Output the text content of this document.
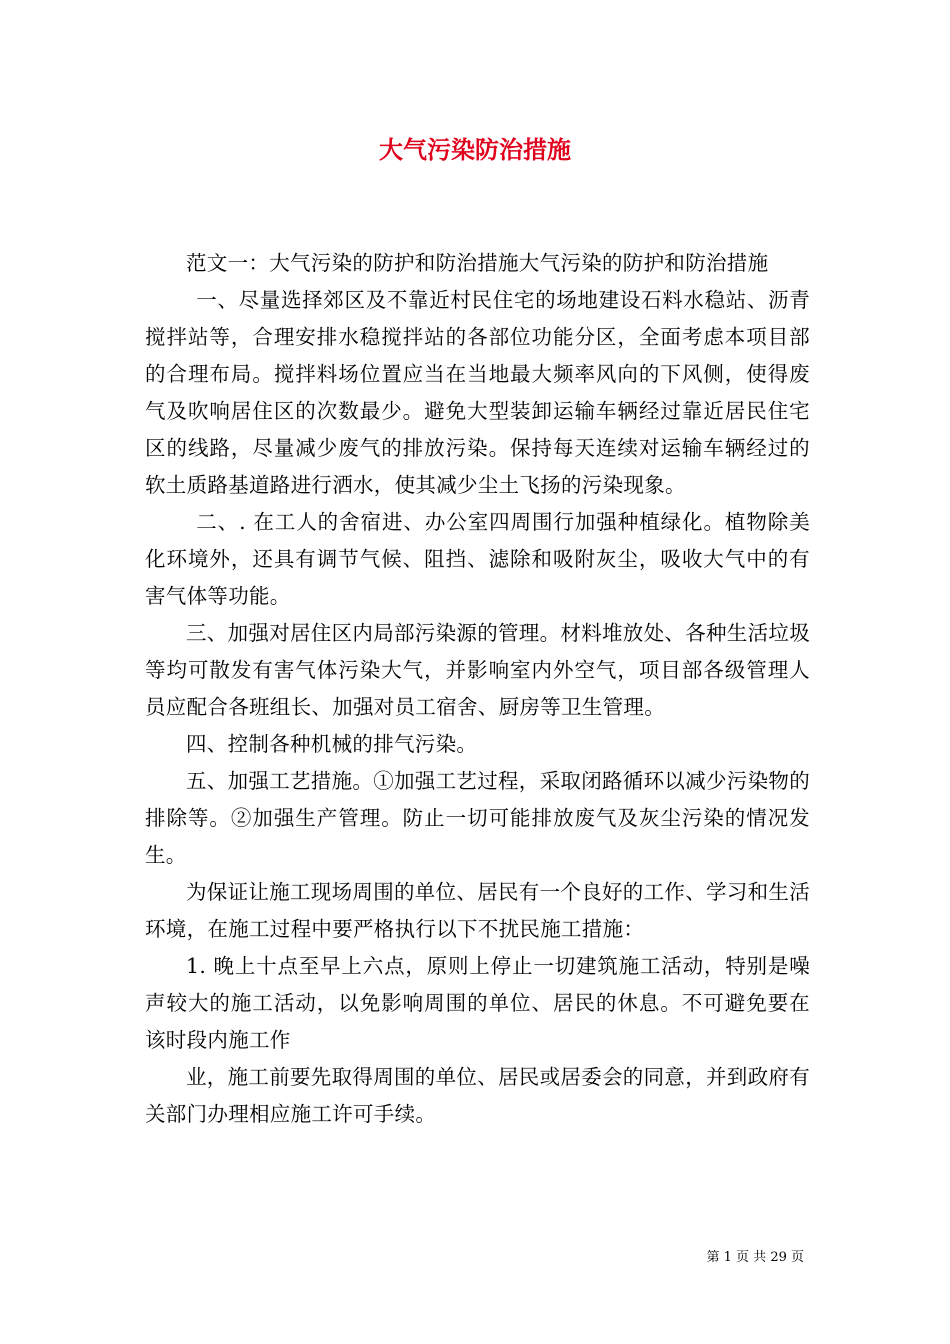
大气污染防治措施

范文一：大气污染的防护和防治措施大气污染的防护和防治措施

一、尽量选择郊区及不靠近村民住宅的场地建设石料水稳站、沥青搅拌站等，合理安排水稳搅拌站的各部位功能分区，全面考虑本项目部的合理布局。搅拌料场位置应当在当地最大频率风向的下风侧，使得废气及吹响居住区的次数最少。避免大型装卸运输车辆经过靠近居民住宅区的线路，尽量减少废气的排放污染。保持每天连续对运输车辆经过的软土质路基道路进行洒水，使其减少尘土飞扬的污染现象。

二、. 在工人的舍宿进、办公室四周围行加强种植绿化。植物除美化环境外，还具有调节气候、阻挡、滤除和吸附灰尘，吸收大气中的有害气体等功能。

三、加强对居住区内局部污染源的管理。材料堆放处、各种生活垃圾等均可散发有害气体污染大气，并影响室内外空气，项目部各级管理人员应配合各班组长、加强对员工宿舍、厨房等卫生管理。

四、控制各种机械的排气污染。

五、加强工艺措施。①加强工艺过程，采取闭路循环以减少污染物的排除等。②加强生产管理。防止一切可能排放废气及灰尘污染的情况发生。

为保证让施工现场周围的单位、居民有一个良好的工作、学习和生活环境，在施工过程中要严格执行以下不扰民施工措施：

1. 晚上十点至早上六点，原则上停止一切建筑施工活动，特别是噪声较大的施工活动，以免影响周围的单位、居民的休息。不可避免要在该时段内施工作

业，施工前要先取得周围的单位、居民或居委会的同意，并到政府有关部门办理相应施工许可手续。

第 1 页 共 29 页
